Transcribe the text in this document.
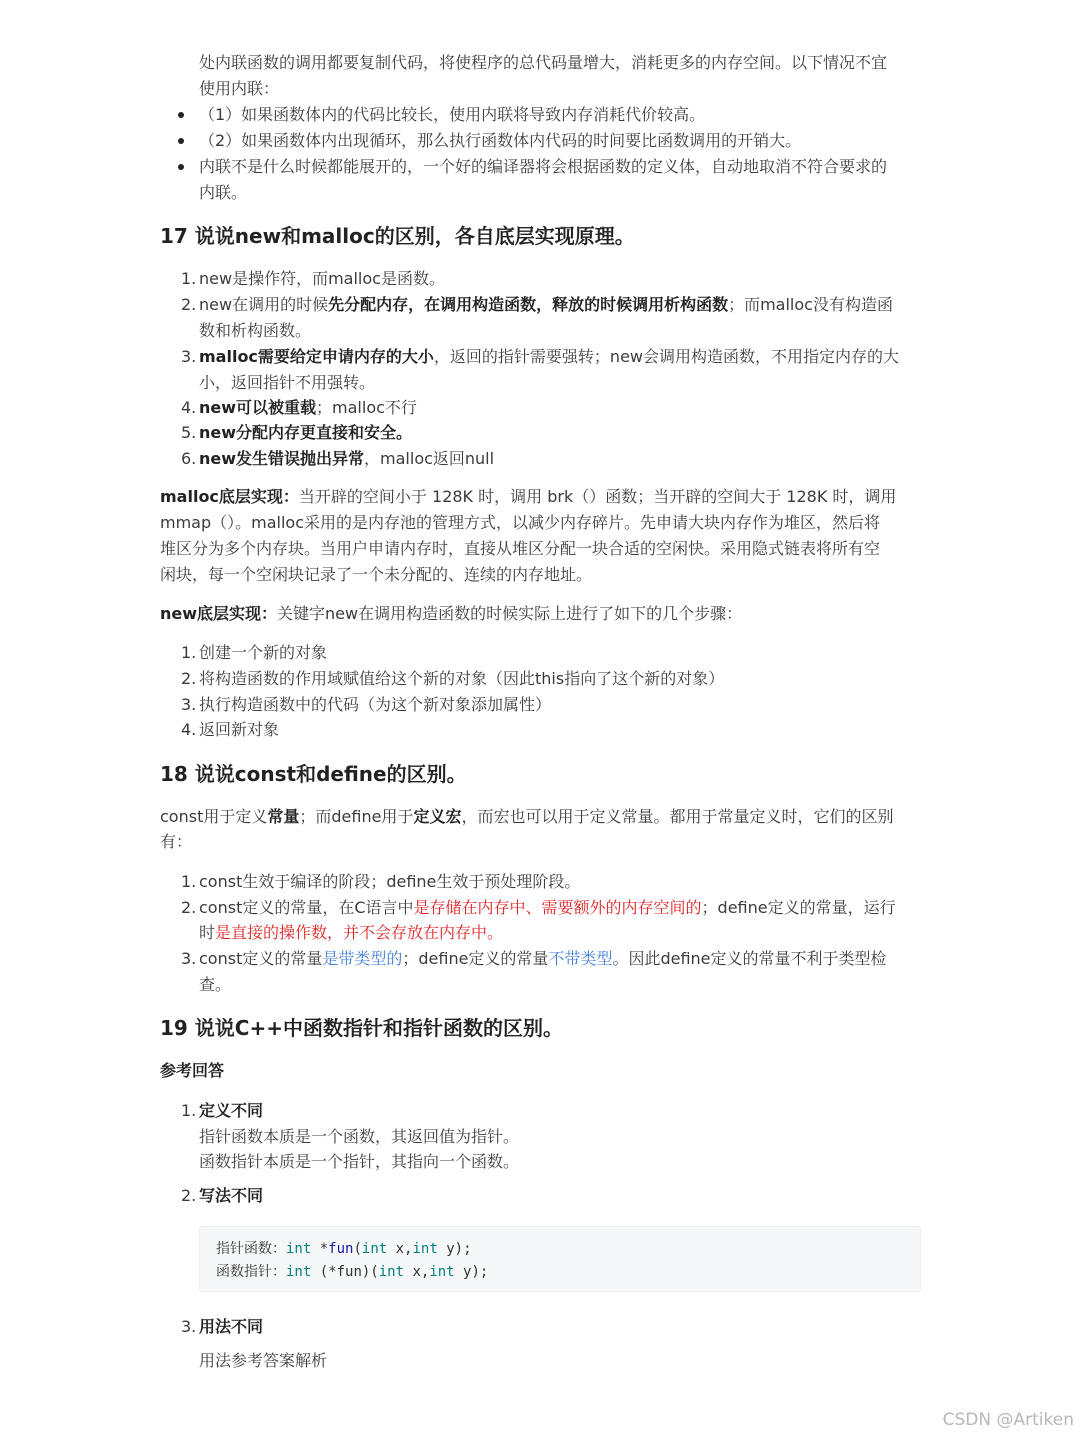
处内联函数的调用都要复制代码，将使程序的总代码量增大，消耗更多的内存空间。以下情况不宜
使用内联：
（1）如果函数体内的代码比较长，使用内联将导致内存消耗代价较高。
（2）如果函数体内出现循环，那么执行函数体内代码的时间要比函数调用的开销大。
内联不是什么时候都能展开的，一个好的编译器将会根据函数的定义体，自动地取消不符合要求的
内联。
17 说说new和malloc的区别，各自底层实现原理。
1. new是操作符，而malloc是函数。
2. new在调用的时候先分配内存，在调用构造函数，释放的时候调用析构函数；而malloc没有构造函
数和析构函数。
3. malloc需要给定申请内存的大小，返回的指针需要强转；new会调用构造函数，不用指定内存的大
小，返回指针不用强转。
4. new可以被重载；malloc不行
5. new分配内存更直接和安全。
6. new发生错误抛出异常，malloc返回null
malloc底层实现：当开辟的空间小于 128K 时，调用 brk（）函数；当开辟的空间大于 128K 时，调用
mmap（）。malloc采用的是内存池的管理方式，以减少内存碎片。先申请大块内存作为堆区，然后将
堆区分为多个内存块。当用户申请内存时，直接从堆区分配一块合适的空闲快。采用隐式链表将所有空
闲块，每一个空闲块记录了一个未分配的、连续的内存地址。
new底层实现：关键字new在调用构造函数的时候实际上进行了如下的几个步骤：
1. 创建一个新的对象
2. 将构造函数的作用域赋值给这个新的对象（因此this指向了这个新的对象）
3. 执行构造函数中的代码（为这个新对象添加属性）
4. 返回新对象
18 说说const和define的区别。
const用于定义常量；而define用于定义宏，而宏也可以用于定义常量。都用于常量定义时，它们的区别
有：
1. const生效于编译的阶段；define生效于预处理阶段。
2. const定义的常量，在C语言中是存储在内存中、需要额外的内存空间的；define定义的常量，运行
时是直接的操作数，并不会存放在内存中。
3. const定义的常量是带类型的；define定义的常量不带类型。因此define定义的常量不利于类型检
查。
19 说说C++中函数指针和指针函数的区别。
参考回答
1. 定义不同
指针函数本质是一个函数，其返回值为指针。
函数指针本质是一个指针，其指向一个函数。
2. 写法不同
指针函数：int *fun(int x,int y);
函数指针：int (*fun)(int x,int y);
3. 用法不同
用法参考答案解析
CSDN @Artiken
